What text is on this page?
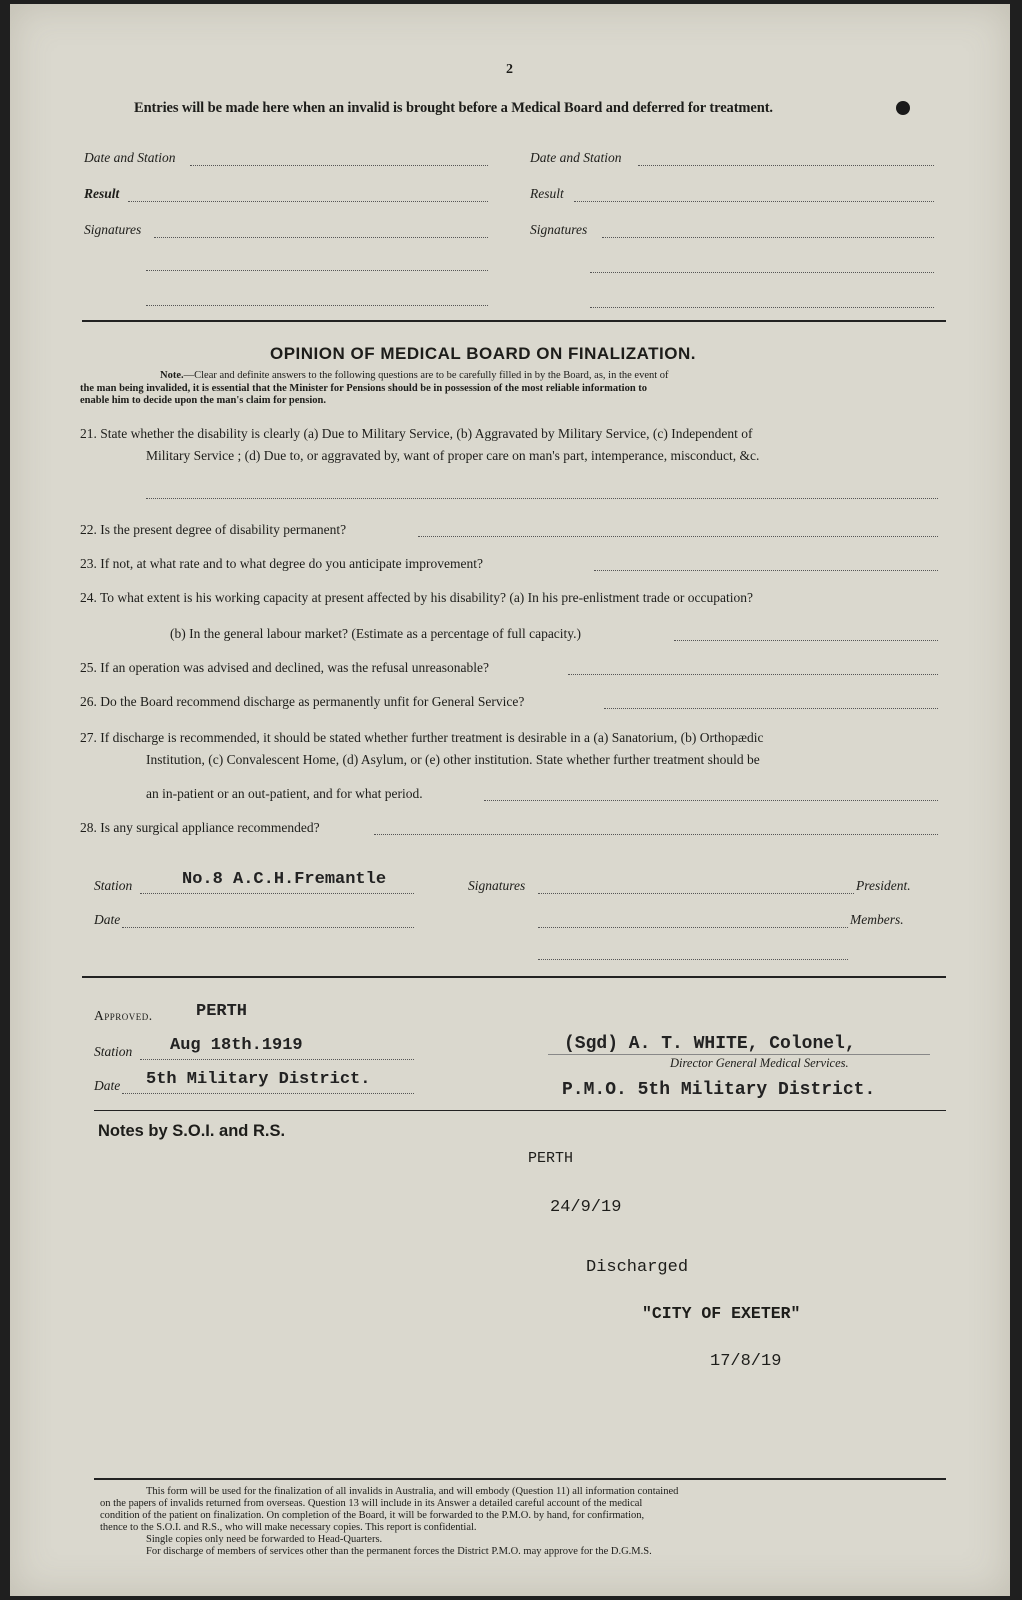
2
Entries will be made here when an invalid is brought before a Medical Board and deferred for treatment.
Date and Station
Result
Signatures
Date and Station
Result
Signatures
OPINION OF MEDICAL BOARD ON FINALIZATION.
Note.—Clear and definite answers to the following questions are to be carefully filled in by the Board, as, in the event of
the man being invalided, it is essential that the Minister for Pensions should be in possession of the most reliable information to
enable him to decide upon the man's claim for pension.
21. State whether the disability is clearly (a) Due to Military Service, (b) Aggravated by Military Service, (c) Independent of
Military Service ; (d) Due to, or aggravated by, want of proper care on man's part, intemperance, misconduct, &c.
22. Is the present degree of disability permanent?
23. If not, at what rate and to what degree do you anticipate improvement?
24. To what extent is his working capacity at present affected by his disability? (a) In his pre-enlistment trade or occupation?
(b) In the general labour market? (Estimate as a percentage of full capacity.)
25. If an operation was advised and declined, was the refusal unreasonable?
26. Do the Board recommend discharge as permanently unfit for General Service?
27. If discharge is recommended, it should be stated whether further treatment is desirable in a (a) Sanatorium, (b) Orthopædic
Institution, (c) Convalescent Home, (d) Asylum, or (e) other institution. State whether further treatment should be
an in-patient or an out-patient, and for what period.
28. Is any surgical appliance recommended?
Station	No.8 A.C.H.Fremantle	Signatures	President.
Date	Members.
Approved.	PERTH
Station Aug 18th.1919
Date 5th Military District.
(Sgd) A. T. WHITE, Colonel,
Director General Medical Services.
P.M.O. 5th Military District.
Notes by S.O.I. and R.S.
PERTH
24/9/19
Discharged
"CITY OF EXETER"
17/8/19
This form will be used for the finalization of all invalids in Australia, and will embody (Question 11) all information contained
on the papers of invalids returned from overseas. Question 13 will include in its Answer a detailed careful account of the medical
condition of the patient on finalization. On completion of the Board, it will be forwarded to the P.M.O. by hand, for confirmation,
thence to the S.O.I. and R.S., who will make necessary copies. This report is confidential.
Single copies only need be forwarded to Head-Quarters.
For discharge of members of services other than the permanent forces the District P.M.O. may approve for the D.G.M.S.
